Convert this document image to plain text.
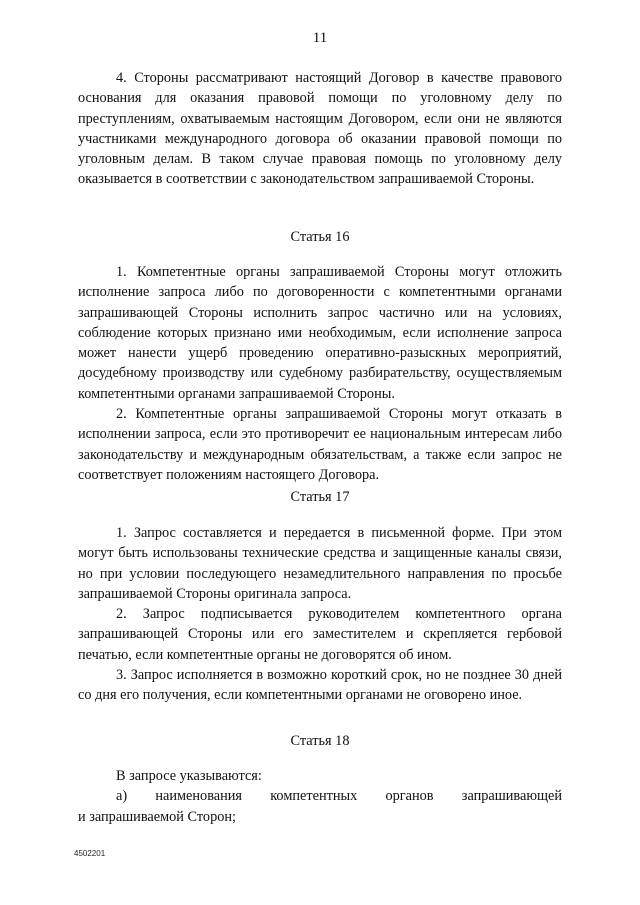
11

4. Стороны рассматривают настоящий Договор в качестве правового основания для оказания правовой помощи по уголовному делу по преступлениям, охватываемым настоящим Договором, если они не являются участниками международного договора об оказании правовой помощи по уголовным делам. В таком случае правовая помощь по уголовному делу оказывается в соответствии с законодательством запрашиваемой Стороны.

Статья 16

1. Компетентные органы запрашиваемой Стороны могут отложить исполнение запроса либо по договоренности с компетентными органами запрашивающей Стороны исполнить запрос частично или на условиях, соблюдение которых признано ими необходимым, если исполнение запроса может нанести ущерб проведению оперативно-разыскных мероприятий, досудебному производству или судебному разбирательству, осуществляемым компетентными органами запрашиваемой Стороны.

2. Компетентные органы запрашиваемой Стороны могут отказать в исполнении запроса, если это противоречит ее национальным интересам либо законодательству и международным обязательствам, а также если запрос не соответствует положениям настоящего Договора.

Статья 17

1. Запрос составляется и передается в письменной форме. При этом могут быть использованы технические средства и защищенные каналы связи, но при условии последующего незамедлительного направления по просьбе запрашиваемой Стороны оригинала запроса.

2. Запрос подписывается руководителем компетентного органа запрашивающей Стороны или его заместителем и скрепляется гербовой печатью, если компетентные органы не договорятся об ином.

3. Запрос исполняется в возможно короткий срок, но не позднее 30 дней со дня его получения, если компетентными органами не оговорено иное.

Статья 18

В запросе указываются:

а) наименования компетентных органов запрашивающей

и запрашиваемой Сторон;

4502201
